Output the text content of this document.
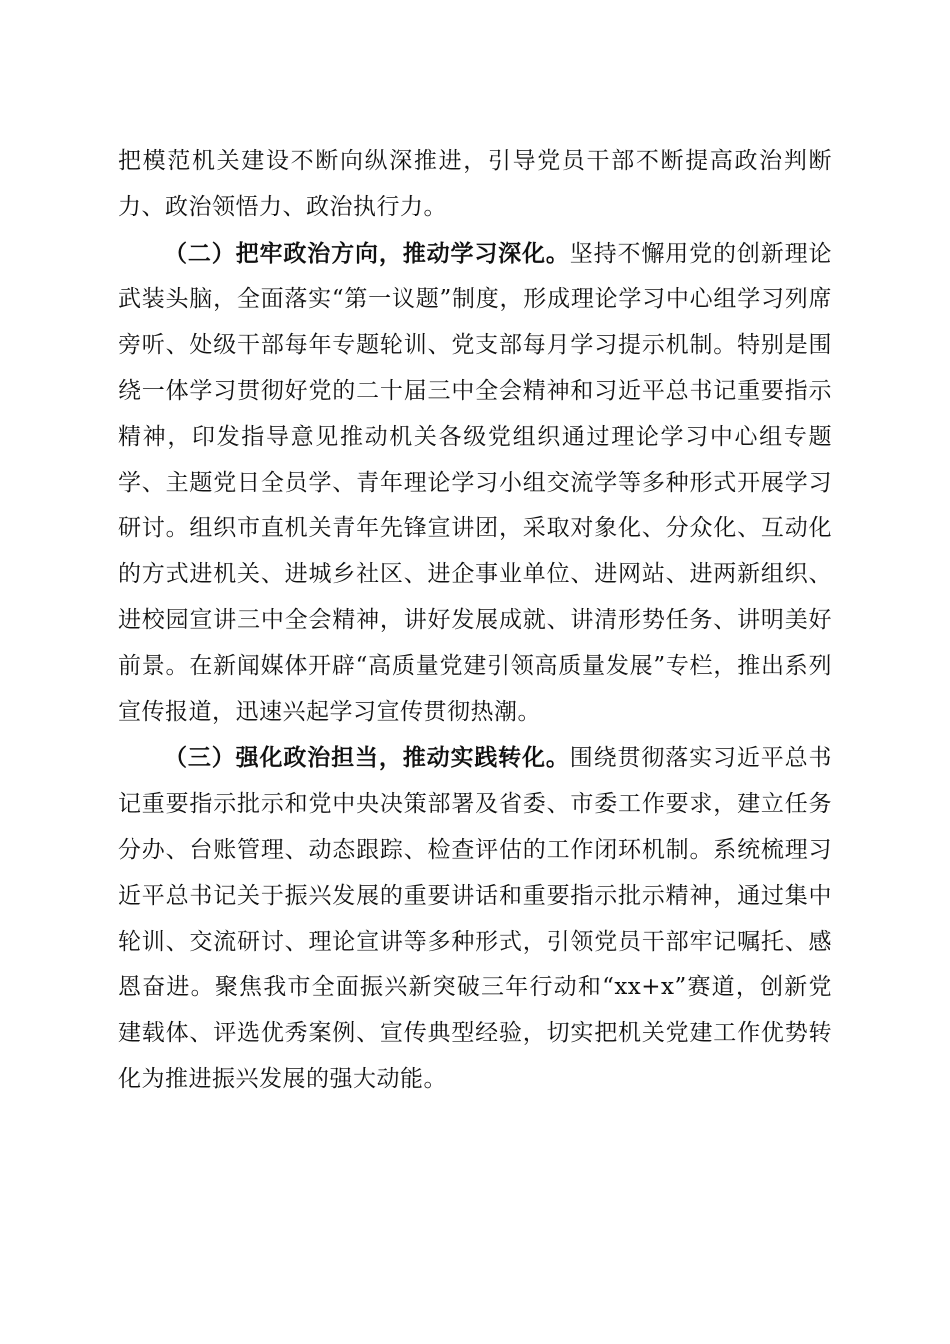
把模范机关建设不断向纵深推进，引导党员干部不断提高政治判断力、政治领悟力、政治执行力。

（二）把牢政治方向，推动学习深化。坚持不懈用党的创新理论武装头脑，全面落实“第一议题”制度，形成理论学习中心组学习列席旁听、处级干部每年专题轮训、党支部每月学习提示机制。特别是围绕一体学习贯彻好党的二十届三中全会精神和习近平总书记重要指示精神，印发指导意见推动机关各级党组织通过理论学习中心组专题学、主题党日全员学、青年理论学习小组交流学等多种形式开展学习研讨。组织市直机关青年先锋宣讲团，采取对象化、分众化、互动化的方式进机关、进城乡社区、进企事业单位、进网站、进两新组织、进校园宣讲三中全会精神，讲好发展成就、讲清形势任务、讲明美好前景。在新闻媒体开辟“高质量党建引领高质量发展”专栏，推出系列宣传报道，迅速兴起学习宣传贯彻热潮。

（三）强化政治担当，推动实践转化。围绕贯彻落实习近平总书记重要指示批示和党中央决策部署及省委、市委工作要求，建立任务分办、台账管理、动态跟踪、检查评估的工作闭环机制。系统梳理习近平总书记关于振兴发展的重要讲话和重要指示批示精神，通过集中轮训、交流研讨、理论宣讲等多种形式，引领党员干部牢记嘱托、感恩奋进。聚焦我市全面振兴新突破三年行动和“xx+x”赛道，创新党建载体、评选优秀案例、宣传典型经验，切实把机关党建工作优势转化为推进振兴发展的强大动能。
